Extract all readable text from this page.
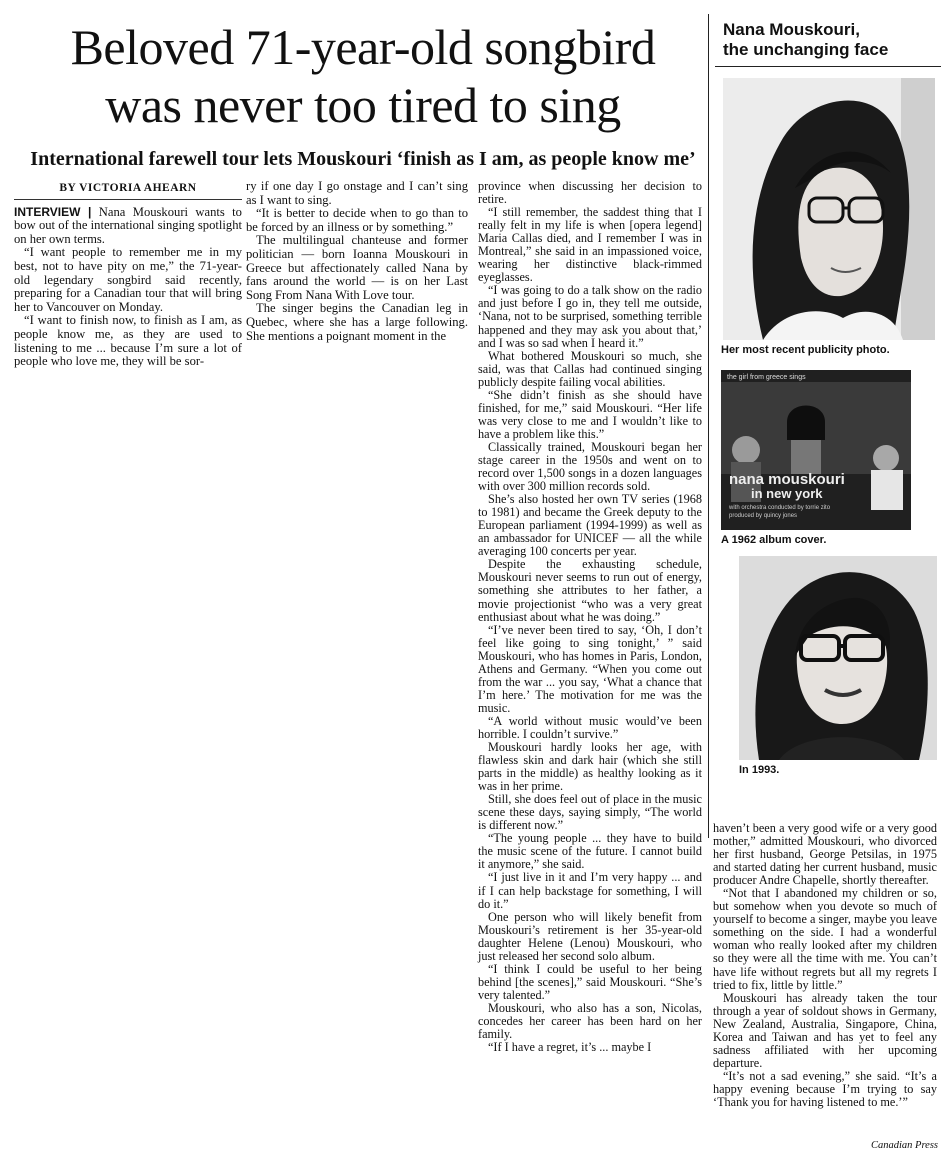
Beloved 71-year-old songbird
was never too tired to sing
International farewell tour lets Mouskouri ‘finish as I am, as people know me’
BY VICTORIA AHEARN

INTERVIEW | Nana Mouskouri wants to bow out of the international singing spotlight on her own terms.

“I want people to remember me in my best, not to have pity on me,” the 71-year-old legendary songbird said recently, preparing for a Canadian tour that will bring her to Vancouver on Monday.

“I want to finish now, to finish as I am, as people know me, as they are used to listening to me ... because I’m sure a lot of people who love me, they will be sor-

ry if one day I go onstage and I can’t sing as I want to sing.

“It is better to decide when to go than to be forced by an illness or by something.”

The multilingual chanteuse and former politician — born Ioanna Mouskouri in Greece but affectionately called Nana by fans around the world — is on her Last Song From Nana With Love tour.

The singer begins the Canadian leg in Quebec, where she has a large following. She mentions a poignant moment in the

province when discussing her decision to retire.

“I still remember, the saddest thing that I really felt in my life is when [opera legend] Maria Callas died, and I remember I was in Montreal,” she said in an impassioned voice, wearing her distinctive black-rimmed eyeglasses.

“I was going to do a talk show on the radio and just before I go in, they tell me outside, ‘Nana, not to be surprised, something terrible happened and they may ask you about that,’ and I was so sad when I heard it.”

What bothered Mouskouri so much, she said, was that Callas had continued singing publicly despite failing vocal abilities.

“She didn’t finish as she should have finished, for me,” said Mouskouri. “Her life was very close to me and I wouldn’t like to have a problem like this.”

Classically trained, Mouskouri began her stage career in the 1950s and went on to record over 1,500 songs in a dozen languages with over 300 million records sold.

She’s also hosted her own TV series (1968 to 1981) and became the Greek deputy to the European parliament (1994-1999) as well as an ambassador for UNICEF — all the while averaging 100 concerts per year.

Despite the exhausting schedule, Mouskouri never seems to run out of energy, something she attributes to her father, a movie projectionist “who was a very great enthusiast about what he was doing.”

“I’ve never been tired to say, ‘Oh, I don’t feel like going to sing tonight,’ ” said Mouskouri, who has homes in Paris, London, Athens and Germany. “When you come out from the war ... you say, ‘What a chance that I’m here.’ The motivation for me was the music.

“A world without music would’ve been horrible. I couldn’t survive.”

Mouskouri hardly looks her age, with flawless skin and dark hair (which she still parts in the middle) as healthy looking as it was in her prime.

Still, she does feel out of place in the music scene these days, saying simply, “The world is different now.”

“The young people ... they have to build the music scene of the future. I cannot build it anymore,” she said.

“I just live in it and I’m very happy ... and if I can help backstage for something, I will do it.”

One person who will likely benefit from Mouskouri’s retirement is her 35-year-old daughter Helene (Lenou) Mouskouri, who just released her second solo album.

“I think I could be useful to her being behind [the scenes],” said Mouskouri. “She’s very talented.”

Mouskouri, who also has a son, Nicolas, concedes her career has been hard on her family.

“If I have a regret, it’s ... maybe I

haven’t been a very good wife or a very good mother,” admitted Mouskouri, who divorced her first husband, George Petsilas, in 1975 and started dating her current husband, music producer Andre Chapelle, shortly thereafter.

“Not that I abandoned my children or so, but somehow when you devote so much of yourself to become a singer, maybe you leave something on the side. I had a wonderful woman who really looked after my children so they were all the time with me. You can’t have life without regrets but all my regrets I tried to fix, little by little.”

Mouskouri has already taken the tour through a year of soldout shows in Germany, New Zealand, Australia, Singapore, China, Korea and Taiwan and has yet to feel any sadness affiliated with her upcoming departure.

“It’s not a sad evening,” she said. “It’s a happy evening because I’m trying to say ‘Thank you for having listened to me.’”

Canadian Press
Nana Mouskouri,
the unchanging face

Her most recent publicity photo.

the girl from greece sings
nana mouskouri
in new york
with orchestra conducted by torrie zito
produced by quincy jones

A 1962 album cover.

In 1993.
